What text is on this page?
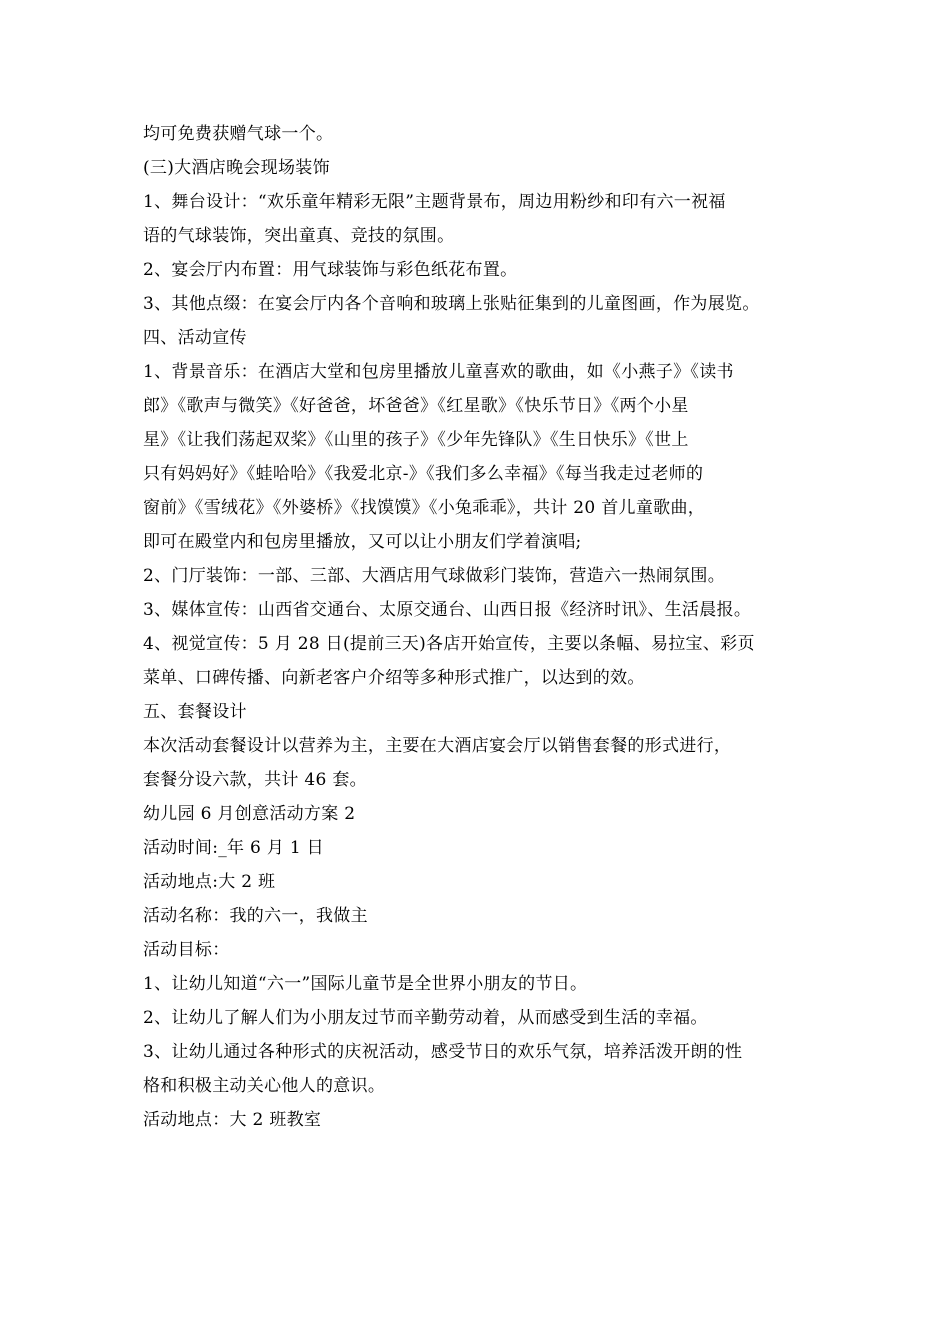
均可免费获赠气球一个。
(三)大酒店晚会现场装饰
1、舞台设计：“欢乐童年精彩无限”主题背景布，周边用粉纱和印有六一祝福
语的气球装饰，突出童真、竞技的氛围。
2、宴会厅内布置：用气球装饰与彩色纸花布置。
3、其他点缀：在宴会厅内各个音响和玻璃上张贴征集到的儿童图画，作为展览。
四、活动宣传
1、背景音乐：在酒店大堂和包房里播放儿童喜欢的歌曲，如《小燕子》《读书
郎》《歌声与微笑》《好爸爸，坏爸爸》《红星歌》《快乐节日》《两个小星
星》《让我们荡起双桨》《山里的孩子》《少年先锋队》《生日快乐》《世上
只有妈妈好》《蛙哈哈》《我爱北京-》《我们多么幸福》《每当我走过老师的
窗前》《雪绒花》《外婆桥》《找馍馍》《小兔乖乖》，共计 20 首儿童歌曲，
即可在殿堂内和包房里播放，又可以让小朋友们学着演唱;
2、门厅装饰：一部、三部、大酒店用气球做彩门装饰，营造六一热闹氛围。
3、媒体宣传：山西省交通台、太原交通台、山西日报《经济时讯》、生活晨报。
4、视觉宣传：5 月 28 日(提前三天)各店开始宣传，主要以条幅、易拉宝、彩页
菜单、口碑传播、向新老客户介绍等多种形式推广，以达到的效。
五、套餐设计
本次活动套餐设计以营养为主，主要在大酒店宴会厅以销售套餐的形式进行，
套餐分设六款，共计 46 套。
幼儿园 6 月创意活动方案 2
活动时间:_年 6 月 1 日
活动地点:大 2 班
活动名称：我的六一，我做主
活动目标：
1、让幼儿知道“六一”国际儿童节是全世界小朋友的节日。
2、让幼儿了解人们为小朋友过节而辛勤劳动着，从而感受到生活的幸福。
3、让幼儿通过各种形式的庆祝活动，感受节日的欢乐气氛，培养活泼开朗的性
格和积极主动关心他人的意识。
活动地点：大 2 班教室
